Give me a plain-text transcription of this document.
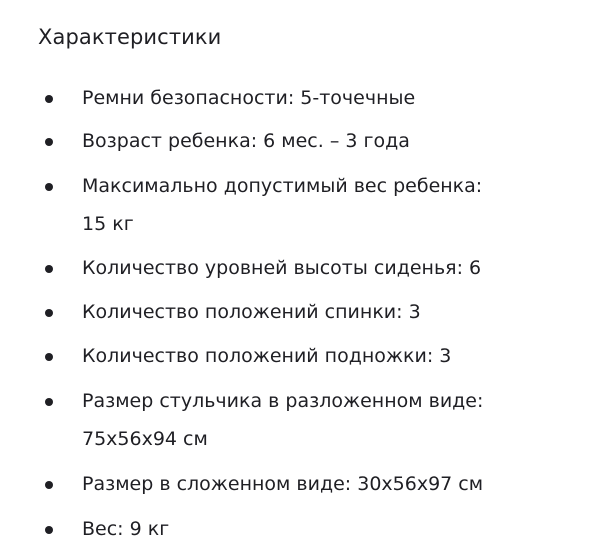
Характеристики
Ремни безопасности: 5-точечные
Возраст ребенка: 6 мес. – 3 года
Максимально допустимый вес ребенка:
15 кг
Количество уровней высоты сиденья: 6
Количество положений спинки: 3
Количество положений подножки: 3
Размер стульчика в разложенном виде:
75х56х94 см
Размер в сложенном виде: 30х56х97 см
Вес: 9 кг
